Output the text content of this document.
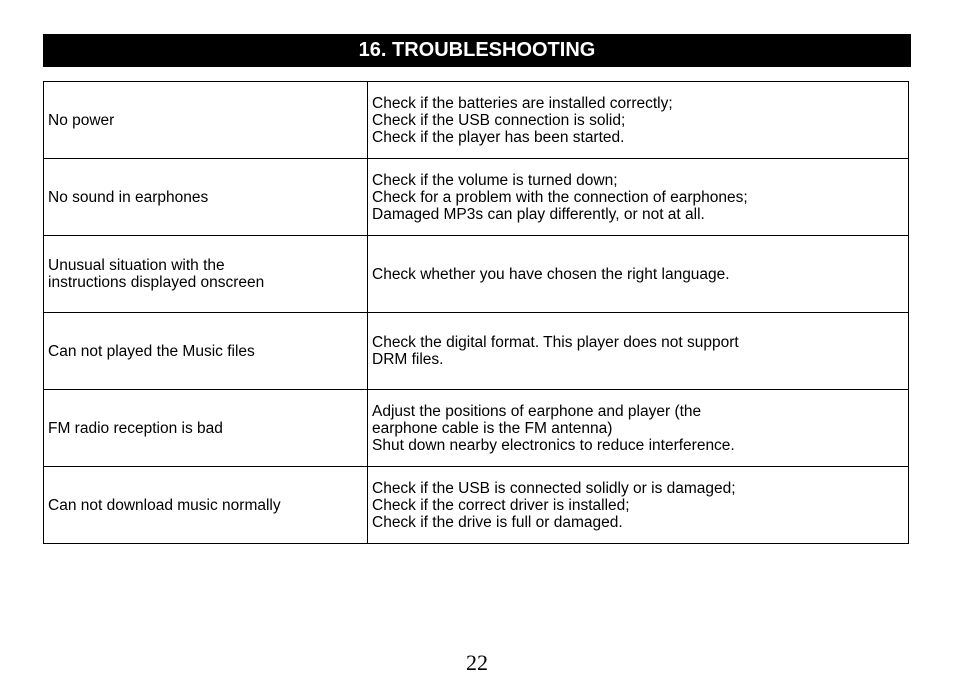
16. TROUBLESHOOTING
No power	Check if the batteries are installed correctly;
Check if the USB connection is solid;
Check if the player has been started.

No sound in earphones	Check if the volume is turned down;
Check for a problem with the connection of earphones;
Damaged MP3s can play differently, or not at all.

Unusual situation with the
instructions displayed onscreen	Check whether you have chosen the right language.

Can not played the Music files	Check the digital format. This player does not support
DRM files.

FM radio reception is bad	Adjust the positions of earphone and player (the
earphone cable is the FM antenna)
Shut down nearby electronics to reduce interference.

Can not download music normally	Check if the USB is connected solidly or is damaged;
Check if the correct driver is installed;
Check if the drive is full or damaged.
22
